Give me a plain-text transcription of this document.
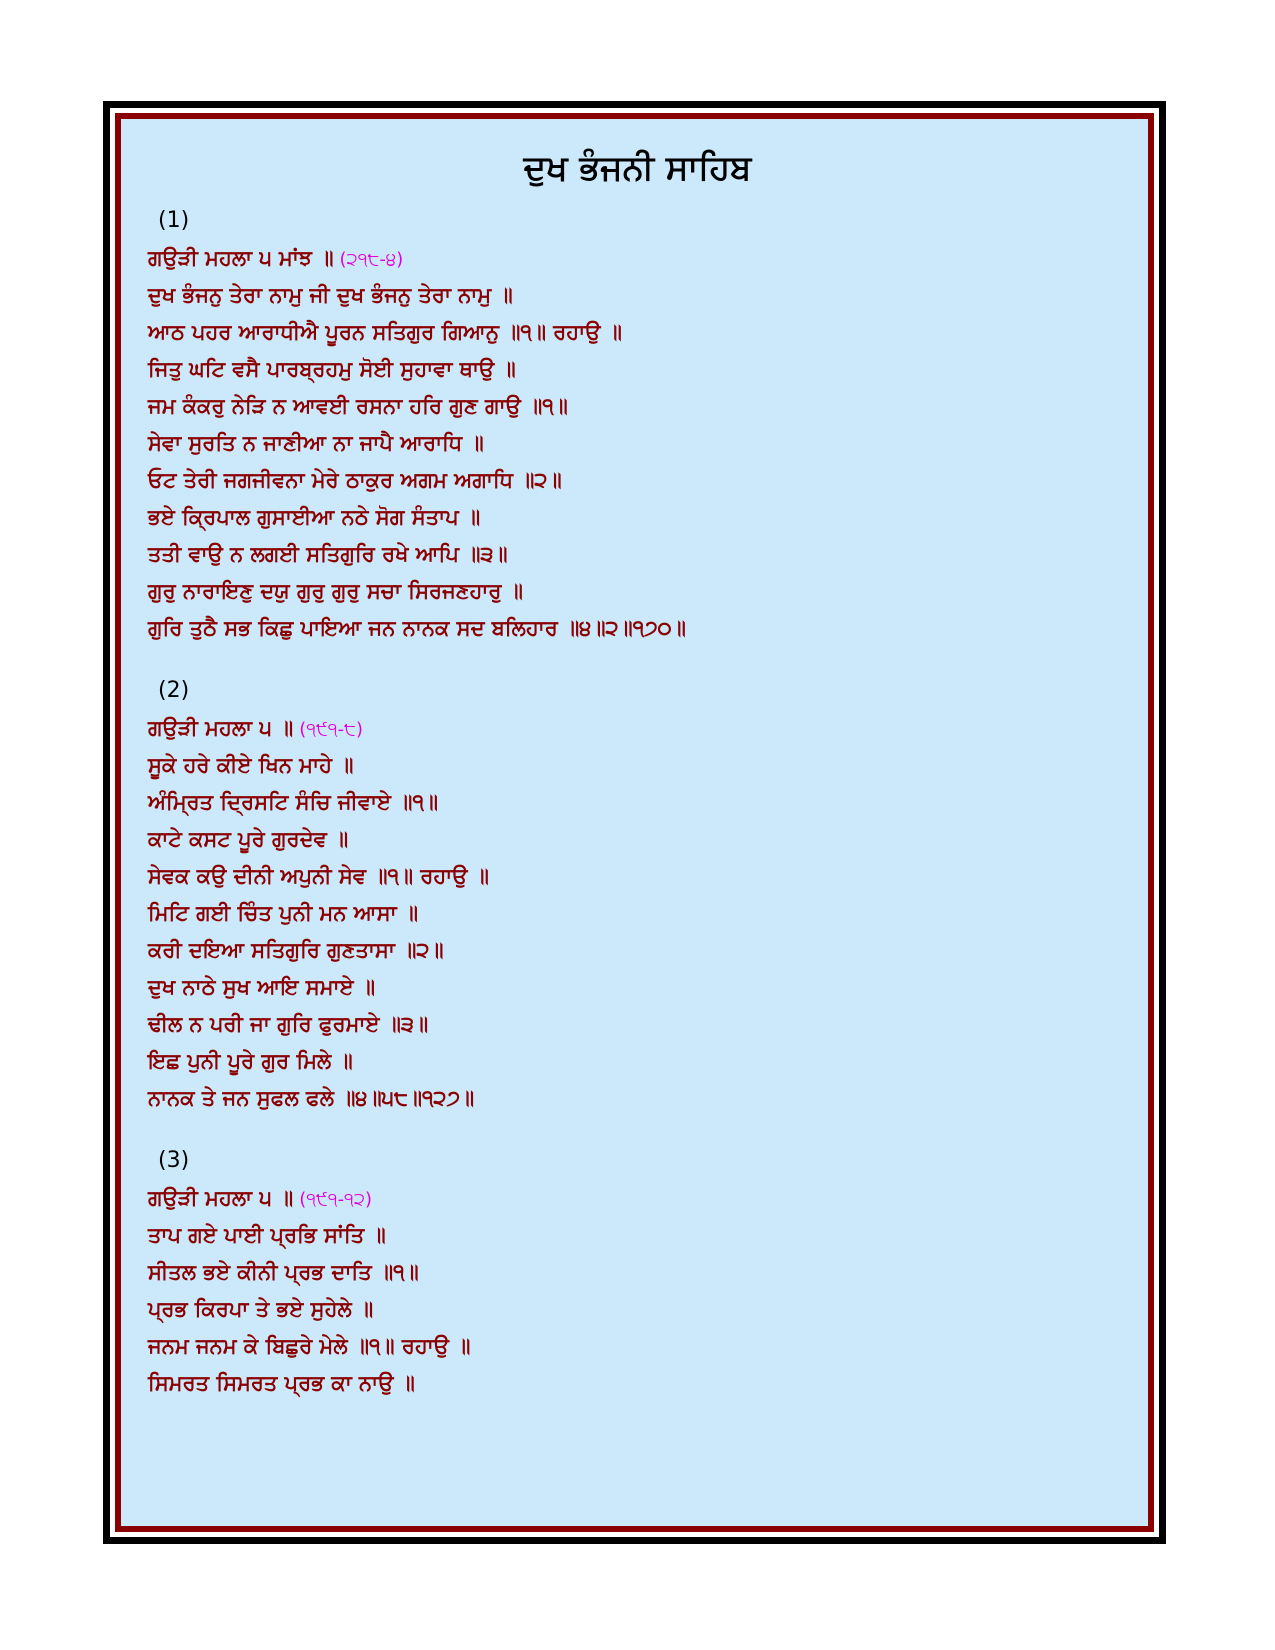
ਦੁਖ ਭੰਜਨੀ ਸਾਹਿਬ
(1)
ਗਉੜੀ ਮਹਲਾ ੫ ਮਾਂਝ ॥ (੨੧੮-੪)
ਦੁਖ ਭੰਜਨੁ ਤੇਰਾ ਨਾਮੁ ਜੀ ਦੁਖ ਭੰਜਨੁ ਤੇਰਾ ਨਾਮੁ ॥
ਆਠ ਪਹਰ ਆਰਾਧੀਐ ਪੂਰਨ ਸਤਿਗੁਰ ਗਿਆਨੁ ॥੧॥ ਰਹਾਉ ॥
ਜਿਤੁ ਘਟਿ ਵਸੈ ਪਾਰਬ੍ਰਹਮੁ ਸੋਈ ਸੁਹਾਵਾ ਥਾਉ ॥
ਜਮ ਕੰਕਰੁ ਨੇੜਿ ਨ ਆਵਈ ਰਸਨਾ ਹਰਿ ਗੁਣ ਗਾਉ ॥੧॥
ਸੇਵਾ ਸੁਰਤਿ ਨ ਜਾਣੀਆ ਨਾ ਜਾਪੈ ਆਰਾਧਿ ॥
ਓਟ ਤੇਰੀ ਜਗਜੀਵਨਾ ਮੇਰੇ ਠਾਕੁਰ ਅਗਮ ਅਗਾਧਿ ॥੨॥
ਭਏ ਕ੍ਰਿਪਾਲ ਗੁਸਾਈਆ ਨਠੇ ਸੋਗ ਸੰਤਾਪ ॥
ਤਤੀ ਵਾਉ ਨ ਲਗਈ ਸਤਿਗੁਰਿ ਰਖੇ ਆਪਿ ॥੩॥
ਗੁਰੁ ਨਾਰਾਇਣੁ ਦਯੁ ਗੁਰੁ ਗੁਰੁ ਸਚਾ ਸਿਰਜਣਹਾਰੁ ॥
ਗੁਰਿ ਤੁਠੈ ਸਭ ਕਿਛੁ ਪਾਇਆ ਜਨ ਨਾਨਕ ਸਦ ਬਲਿਹਾਰ ॥੪॥੨॥੧੭੦॥
(2)
ਗਉੜੀ ਮਹਲਾ ੫ ॥ (੧੯੧-੮)
ਸੂਕੇ ਹਰੇ ਕੀਏ ਖਿਨ ਮਾਹੇ ॥
ਅੰਮ੍ਰਿਤ ਦ੍ਰਿਸਟਿ ਸੰਚਿ ਜੀਵਾਏ ॥੧॥
ਕਾਟੇ ਕਸਟ ਪੂਰੇ ਗੁਰਦੇਵ ॥
ਸੇਵਕ ਕਉ ਦੀਨੀ ਅਪੁਨੀ ਸੇਵ ॥੧॥ ਰਹਾਉ ॥
ਮਿਟਿ ਗਈ ਚਿੰਤ ਪੁਨੀ ਮਨ ਆਸਾ ॥
ਕਰੀ ਦਇਆ ਸਤਿਗੁਰਿ ਗੁਣਤਾਸਾ ॥੨॥
ਦੁਖ ਨਾਠੇ ਸੁਖ ਆਇ ਸਮਾਏ ॥
ਢੀਲ ਨ ਪਰੀ ਜਾ ਗੁਰਿ ਫੁਰਮਾਏ ॥੩॥
ਇਛ ਪੁਨੀ ਪੂਰੇ ਗੁਰ ਮਿਲੇ ॥
ਨਾਨਕ ਤੇ ਜਨ ਸੁਫਲ ਫਲੇ ॥੪॥੫੮॥੧੨੭॥
(3)
ਗਉੜੀ ਮਹਲਾ ੫ ॥ (੧੯੧-੧੨)
ਤਾਪ ਗਏ ਪਾਈ ਪ੍ਰਭਿ ਸਾਂਤਿ ॥
ਸੀਤਲ ਭਏ ਕੀਨੀ ਪ੍ਰਭ ਦਾਤਿ ॥੧॥
ਪ੍ਰਭ ਕਿਰਪਾ ਤੇ ਭਏ ਸੁਹੇਲੇ ॥
ਜਨਮ ਜਨਮ ਕੇ ਬਿਛੁਰੇ ਮੇਲੇ ॥੧॥ ਰਹਾਉ ॥
ਸਿਮਰਤ ਸਿਮਰਤ ਪ੍ਰਭ ਕਾ ਨਾਉ ॥
